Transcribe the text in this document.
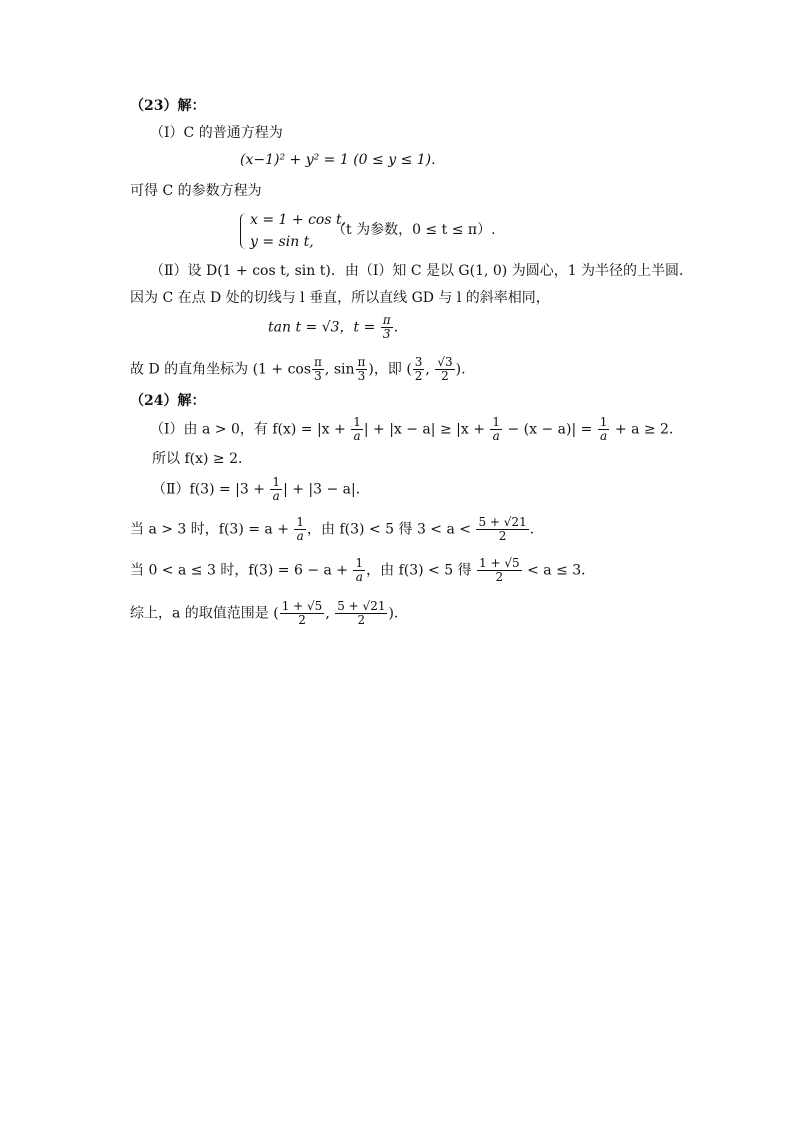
（23）解：
（Ⅰ）C 的普通方程为
(x−1)² + y² = 1 (0 ≤ y ≤ 1).
可得 C 的参数方程为
x = 1 + cos t,
y = sin t,
（t 为参数，0 ≤ t ≤ π）.
（Ⅱ）设 D(1 + cos t, sin t)．由（Ⅰ）知 C 是以 G(1, 0) 为圆心，1 为半径的上半圆．
因为 C 在点 D 处的切线与 l 垂直，所以直线 GD 与 l 的斜率相同，
tan t = √3，$t = \frac{\pi}{3}$ .
故 D 的直角坐标为 ($1 + \cos \frac{\pi}{3}$ , $\sin \frac{\pi}{3}$ )，即 ( $\frac{3}{2}$ , $\frac{√3}{2}$ ).
（24）解：
（Ⅰ）由 a > 0，有 $f(x) = |x + \frac{1}{a}$ | + $|x - a| \ge |x + \frac{1}{a} - (x - a)| = \frac{1}{a} + a \ge 2$．
所以 f(x) ≥ 2．
（Ⅱ）f(3) = $|3 + \frac{1}{a}$ | + |3 − a|．
当 a > 3 时，$f(3) = a + \frac{1}{a}$ ，由 f(3) < 5 得 $3 < a < \frac{5 + √21}{2}$ .
当 0 < a ≤ 3 时，$f(3) = 6 - a + \frac{1}{a}$ ，由 f(3) < 5 得 $\frac{1 + √5}{2} < a \le 3$．
综上，a 的取值范围是 ( $\frac{1 + √5}{2}$ , $\frac{5 + √21}{2}$ ).
